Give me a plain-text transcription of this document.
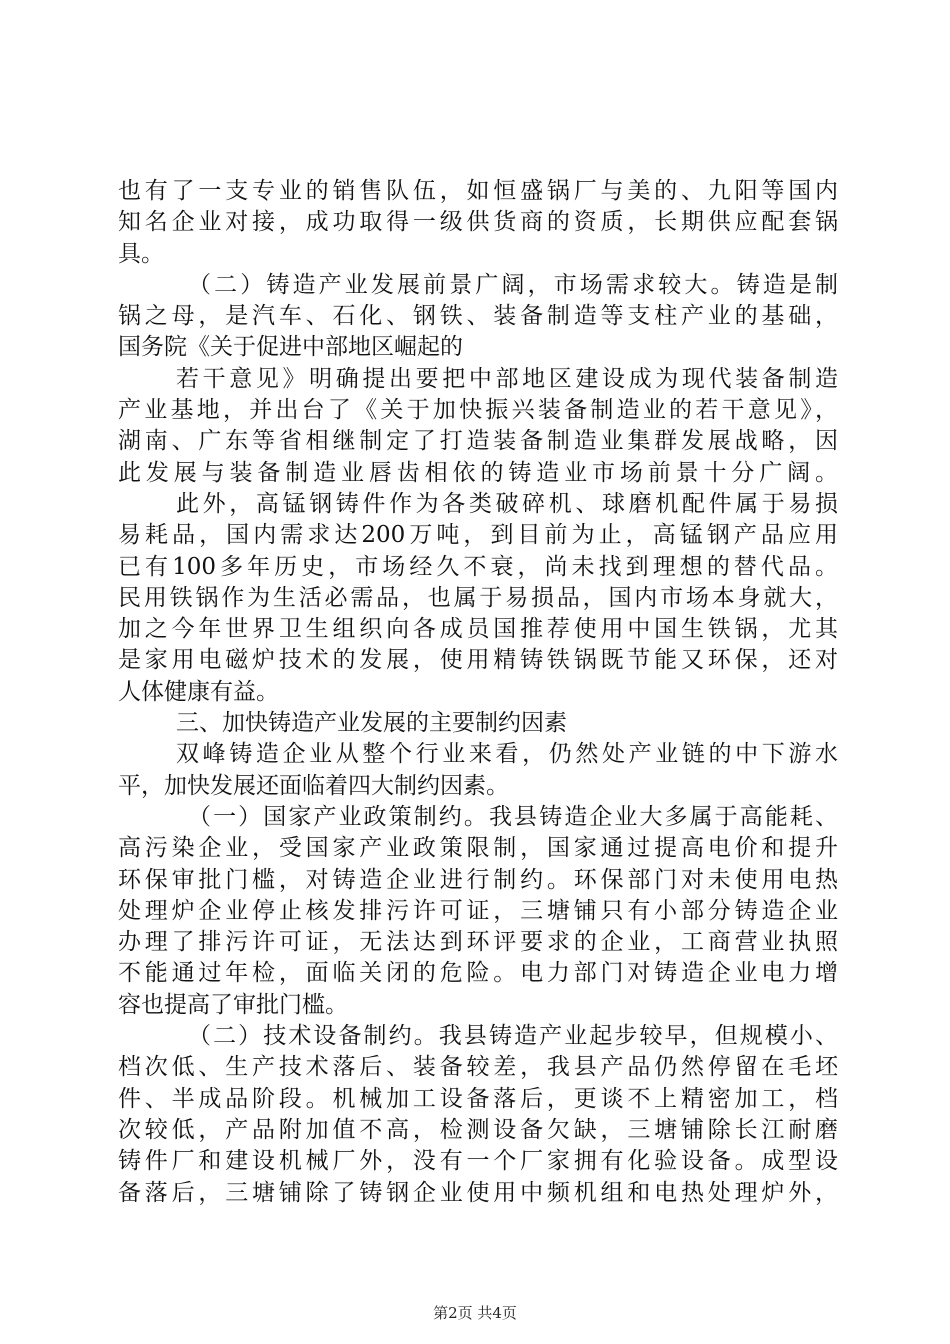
也有了一支专业的销售队伍，如恒盛锅厂与美的、九阳等国内
知名企业对接，成功取得一级供货商的资质，长期供应配套锅
具。
（二）铸造产业发展前景广阔，市场需求较大。铸造是制
锅之母，是汽车、石化、钢铁、装备制造等支柱产业的基础，
国务院《关于促进中部地区崛起的
若干意见》明确提出要把中部地区建设成为现代装备制造
产业基地，并出台了《关于加快振兴装备制造业的若干意见》，
湖南、广东等省相继制定了打造装备制造业集群发展战略，因
此发展与装备制造业唇齿相依的铸造业市场前景十分广阔。
此外，高锰钢铸件作为各类破碎机、球磨机配件属于易损
易耗品，国内需求达200万吨，到目前为止，高锰钢产品应用
已有100多年历史，市场经久不衰，尚未找到理想的替代品。
民用铁锅作为生活必需品，也属于易损品，国内市场本身就大，
加之今年世界卫生组织向各成员国推荐使用中国生铁锅，尤其
是家用电磁炉技术的发展，使用精铸铁锅既节能又环保，还对
人体健康有益。
三、加快铸造产业发展的主要制约因素
双峰铸造企业从整个行业来看，仍然处产业链的中下游水
平，加快发展还面临着四大制约因素。
（一）国家产业政策制约。我县铸造企业大多属于高能耗、
高污染企业，受国家产业政策限制，国家通过提高电价和提升
环保审批门槛，对铸造企业进行制约。环保部门对未使用电热
处理炉企业停止核发排污许可证，三塘铺只有小部分铸造企业
办理了排污许可证，无法达到环评要求的企业，工商营业执照
不能通过年检，面临关闭的危险。电力部门对铸造企业电力增
容也提高了审批门槛。
（二）技术设备制约。我县铸造产业起步较早，但规模小、
档次低、生产技术落后、装备较差，我县产品仍然停留在毛坯
件、半成品阶段。机械加工设备落后，更谈不上精密加工，档
次较低，产品附加值不高，检测设备欠缺，三塘铺除长江耐磨
铸件厂和建设机械厂外，没有一个厂家拥有化验设备。成型设
备落后，三塘铺除了铸钢企业使用中频机组和电热处理炉外，
第2页 共4页
